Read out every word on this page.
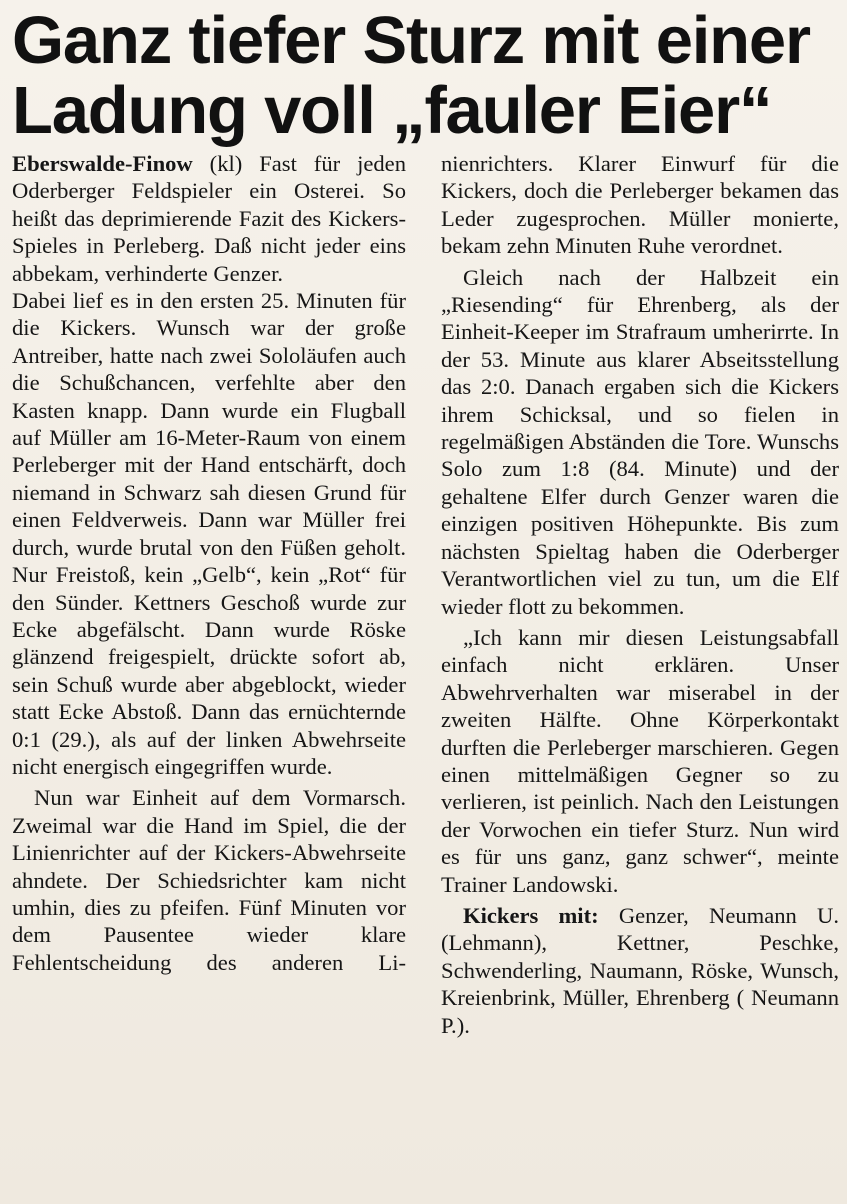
Ganz tiefer Sturz mit einer
Ladung voll „fauler Eier“

Eberswalde-Finow (kl) Fast für jeden Oderberger Feldspieler ein Osterei. So heißt das deprimierende Fazit des Kickers-Spieles in Perleberg. Daß nicht jeder eins abbekam, verhinderte Genzer.

Dabei lief es in den ersten 25. Minuten für die Kickers. Wunsch war der große Antreiber, hatte nach zwei Sololäufen auch die Schußchancen, verfehlte aber den Kasten knapp. Dann wurde ein Flugball auf Müller am 16-Meter-Raum von einem Perleberger mit der Hand entschärft, doch niemand in Schwarz sah diesen Grund für einen Feldverweis. Dann war Müller frei durch, wurde brutal von den Füßen geholt. Nur Freistoß, kein „Gelb“, kein „Rot“ für den Sünder. Kettners Geschoß wurde zur Ecke abgefälscht. Dann wurde Röske glänzend freigespielt, drückte sofort ab, sein Schuß wurde aber abgeblockt, wieder statt Ecke Abstoß. Dann das ernüchternde 0:1 (29.), als auf der linken Abwehrseite nicht energisch eingegriffen wurde.

Nun war Einheit auf dem Vormarsch. Zweimal war die Hand im Spiel, die der Linienrichter auf der Kickers-Abwehrseite ahndete. Der Schiedsrichter kam nicht umhin, dies zu pfeifen. Fünf Minuten vor dem Pausentee wieder klare Fehlentscheidung des anderen Li-

nienrichters. Klarer Einwurf für die Kickers, doch die Perleberger bekamen das Leder zugesprochen. Müller monierte, bekam zehn Minuten Ruhe verordnet.

Gleich nach der Halbzeit ein „Riesending“ für Ehrenberg, als der Einheit-Keeper im Strafraum umherirrte. In der 53. Minute aus klarer Abseitsstellung das 2:0. Danach ergaben sich die Kickers ihrem Schicksal, und so fielen in regelmäßigen Abständen die Tore. Wunschs Solo zum 1:8 (84. Minute) und der gehaltene Elfer durch Genzer waren die einzigen positiven Höhepunkte. Bis zum nächsten Spieltag haben die Oderberger Verantwortlichen viel zu tun, um die Elf wieder flott zu bekommen.

„Ich kann mir diesen Leistungsabfall einfach nicht erklären. Unser Abwehrverhalten war miserabel in der zweiten Hälfte. Ohne Körperkontakt durften die Perleberger marschieren. Gegen einen mittelmäßigen Gegner so zu verlieren, ist peinlich. Nach den Leistungen der Vorwochen ein tiefer Sturz. Nun wird es für uns ganz, ganz schwer“, meinte Trainer Landowski.

Kickers mit: Genzer, Neumann U. (Lehmann), Kettner, Peschke, Schwenderling, Naumann, Röske, Wunsch, Kreienbrink, Müller, Ehrenberg ( Neumann P.).
